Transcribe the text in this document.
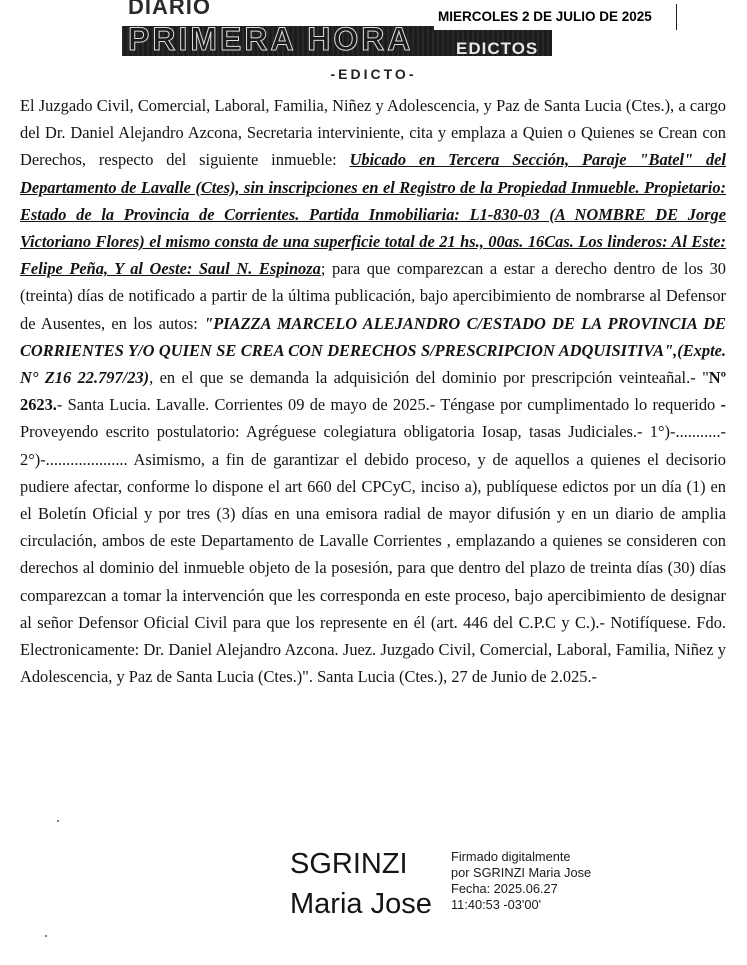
DIARIO
PRIMERA HORA	EDICTOS
MIERCOLES 2 DE JULIO DE 2025
-EDICTO-
El Juzgado Civil, Comercial, Laboral, Familia, Niñez y Adolescencia, y Paz de Santa Lucia (Ctes.), a cargo del Dr. Daniel Alejandro Azcona, Secretaria interviniente, cita y emplaza a Quien o Quienes se Crean con Derechos, respecto del siguiente inmueble: Ubicado en Tercera Sección, Paraje "Batel" del Departamento de Lavalle (Ctes), sin inscripciones en el Registro de la Propiedad Inmueble. Propietario: Estado de la Provincia de Corrientes. Partida Inmobiliaria: L1-830-03 (A NOMBRE DE Jorge Victoriano Flores) el mismo consta de una superficie total de 21 hs., 00as. 16Cas. Los linderos: Al Este: Felipe Peña, Y al Oeste: Saul N. Espinoza; para que comparezcan a estar a derecho dentro de los 30 (treinta) días de notificado a partir de la última publicación, bajo apercibimiento de nombrarse al Defensor de Ausentes, en los autos: "PIAZZA MARCELO ALEJANDRO C/ESTADO DE LA PROVINCIA DE CORRIENTES Y/O QUIEN SE CREA CON DERECHOS S/PRESCRIPCION ADQUISITIVA",(Expte. N° Z16 22.797/23), en el que se demanda la adquisición del dominio por prescripción veinteañal.- "Nº 2623.- Santa Lucia. Lavalle. Corrientes 09 de mayo de 2025.- Téngase por cumplimentado lo requerido - Proveyendo escrito postulatorio: Agréguese colegiatura obligatoria Iosap, tasas Judiciales.- 1°)-...........- 2°)-.................... Asimismo, a fin de garantizar el debido proceso, y de aquellos a quienes el decisorio pudiere afectar, conforme lo dispone el art 660 del CPCyC, inciso a), publíquese edictos por un día (1) en el Boletín Oficial y por tres (3) días en una emisora radial de mayor difusión y en un diario de amplia circulación, ambos de este Departamento de Lavalle Corrientes , emplazando a quienes se consideren con derechos al dominio del inmueble objeto de la posesión, para que dentro del plazo de treinta días (30) días comparezcan a tomar la intervención que les corresponda en este proceso, bajo apercibimiento de designar al señor Defensor Oficial Civil para que los represente en él (art. 446 del C.P.C y C.).- Notifíquese. Fdo. Electronicamente: Dr. Daniel Alejandro Azcona. Juez. Juzgado Civil, Comercial, Laboral, Familia, Niñez y Adolescencia, y Paz de Santa Lucia (Ctes.)". Santa Lucia (Ctes.), 27 de Junio de 2.025.-
SGRINZI
Maria Jose
Firmado digitalmente
por SGRINZI Maria Jose
Fecha: 2025.06.27
11:40:53 -03'00'
